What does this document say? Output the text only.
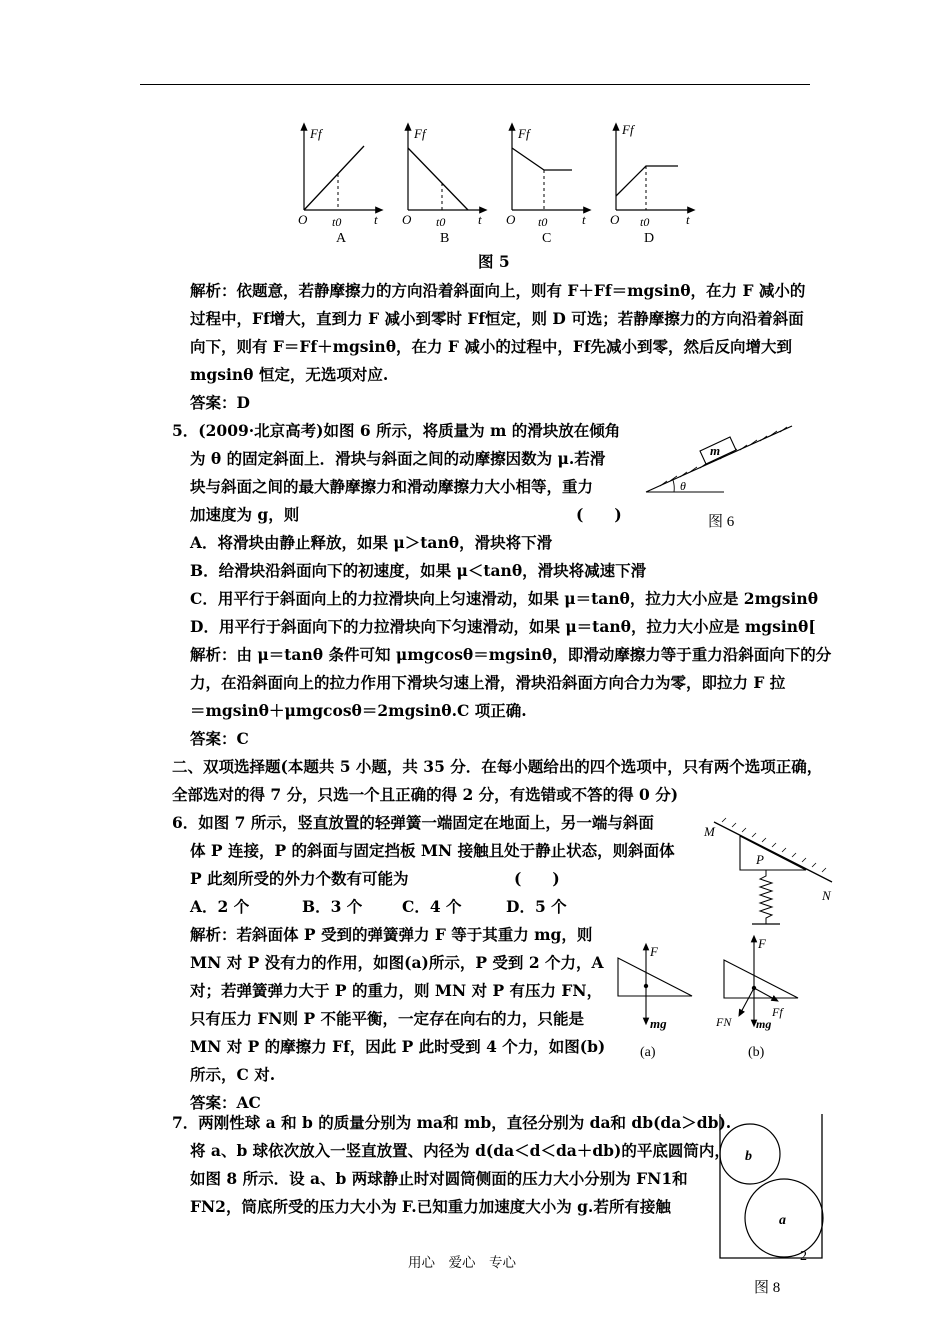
Ff
O t0	t
A
Ff
O t0	t
B
Ff
O t0	t
C
Ff
O t0	t
D
图 5
解析：依题意，若静摩擦力的方向沿着斜面向上，则有 F＋Ff＝mgsinθ，在力 F 减小的
过程中，Ff增大，直到力 F 减小到零时 Ff恒定，则 D 可选；若静摩擦力的方向沿着斜面
向下，则有 F＝Ff＋mgsinθ，在力 F 减小的过程中，Ff先减小到零，然后反向增大到
mgsinθ 恒定，无选项对应.
答案：D
5．(2009·北京高考)如图 6 所示，将质量为 m 的滑块放在倾角
为 θ 的固定斜面上．滑块与斜面之间的动摩擦因数为 μ.若滑
块与斜面之间的最大静摩擦力和滑动摩擦力大小相等，重力
加速度为 g，则	(　　)
m
θ
图 6
A．将滑块由静止释放，如果 μ＞tanθ，滑块将下滑
B．给滑块沿斜面向下的初速度，如果 μ＜tanθ，滑块将减速下滑
C．用平行于斜面向上的力拉滑块向上匀速滑动，如果 μ＝tanθ，拉力大小应是 2mgsinθ
D．用平行于斜面向下的力拉滑块向下匀速滑动，如果 μ＝tanθ，拉力大小应是 mgsinθ[
解析：由 μ＝tanθ 条件可知 μmgcosθ＝mgsinθ，即滑动摩擦力等于重力沿斜面向下的分
力，在沿斜面向上的拉力作用下滑块匀速上滑，滑块沿斜面方向合力为零，即拉力 F 拉
＝mgsinθ＋μmgcosθ＝2mgsinθ.C 项正确.
答案：C
二、双项选择题(本题共 5 小题，共 35 分．在每小题给出的四个选项中，只有两个选项正确，
全部选对的得 7 分，只选一个且正确的得 2 分，有选错或不答的得 0 分)
6．如图 7 所示，竖直放置的轻弹簧一端固定在地面上，另一端与斜面
体 P 连接，P 的斜面与固定挡板 MN 接触且处于静止状态，则斜面体
P 此刻所受的外力个数有可能为	(　　)
A．2 个	B．3 个	C．4 个	D．5 个
解析：若斜面体 P 受到的弹簧弹力 F 等于其重力 mg，则
MN 对 P 没有力的作用，如图(a)所示，P 受到 2 个力，A
对；若弹簧弹力大于 P 的重力，则 MN 对 P 有压力 FN，
只有压力 FN则 P 不能平衡，一定存在向右的力，只能是
MN 对 P 的摩擦力 Ff，因此 P 此时受到 4 个力，如图(b)
所示，C 对.
答案：AC
P
M
N
F
mg
(a)
F
FN
Ff
mg
(b)
7．两刚性球 a 和 b 的质量分别为 ma和 mb，直径分别为 da和 db(da＞db).
将 a、b 球依次放入一竖直放置、内径为 d(da＜d＜da＋db)的平底圆筒内，
如图 8 所示．设 a、b 两球静止时对圆筒侧面的压力大小分别为 FN1和
FN2，筒底所受的压力大小为 F.已知重力加速度大小为 g.若所有接触
b
a
图 8
用心　爱心　专心	2
